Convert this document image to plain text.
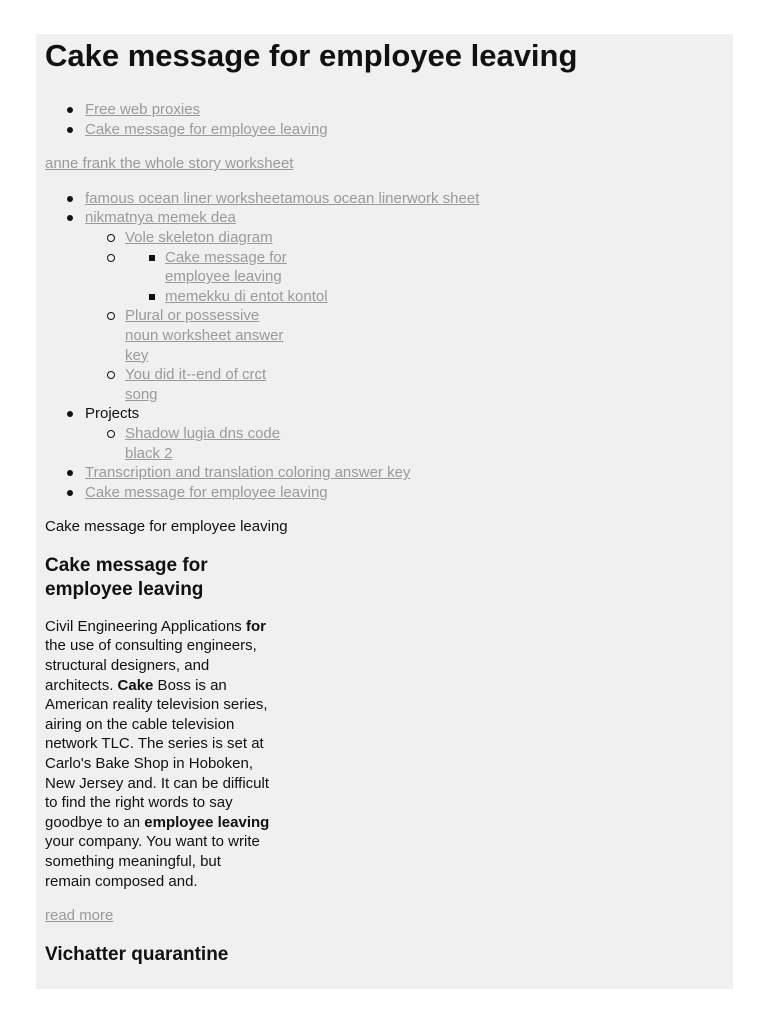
Cake message for employee leaving
Free web proxies
Cake message for employee leaving
anne frank the whole story worksheet
famous ocean liner worksheetamous ocean linerwork sheet
nikmatnya memek dea
Vole skeleton diagram
Cake message for employee leaving
memekku di entot kontol
Plural or possessive noun worksheet answer key
You did it--end of crct song
Projects
Shadow lugia dns code black 2
Transcription and translation coloring answer key
Cake message for employee leaving
Cake message for employee leaving
Cake message for employee leaving
Civil Engineering Applications for the use of consulting engineers, structural designers, and architects. Cake Boss is an American reality television series, airing on the cable television network TLC. The series is set at Carlo's Bake Shop in Hoboken, New Jersey and. It can be difficult to find the right words to say goodbye to an employee leaving your company. You want to write something meaningful, but remain composed and.
read more
Vichatter quarantine
